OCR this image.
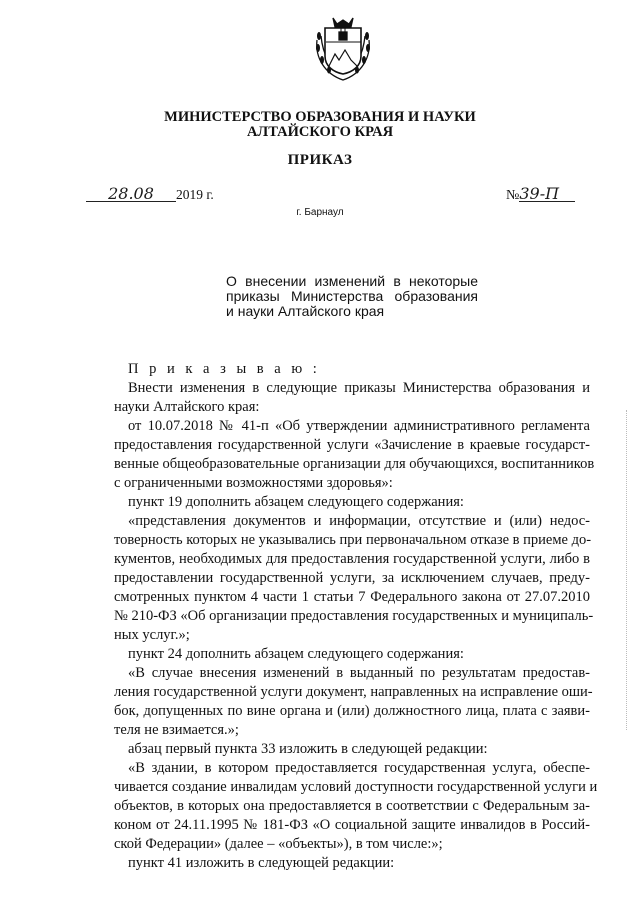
МИНИСТЕРСТВО ОБРАЗОВАНИЯ И НАУКИ
АЛТАЙСКОГО КРАЯ
ПРИКАЗ
28.08 2019 г.	№39-П
г. Барнаул
О внесении изменений в некоторые
приказы Министерства образования
и науки Алтайского края
П р и к а з ы в а ю :
Внести изменения в следующие приказы Министерства образования и
науки Алтайского края:
от 10.07.2018 № 41-п «Об утверждении административного регламента
предоставления государственной услуги «Зачисление в краевые государст-
венные общеобразовательные организации для обучающихся, воспитанников
с ограниченными возможностями здоровья»:
пункт 19 дополнить абзацем следующего содержания:
«представления документов и информации, отсутствие и (или) недос-
товерность которых не указывались при первоначальном отказе в приеме до-
кументов, необходимых для предоставления государственной услуги, либо в
предоставлении государственной услуги, за исключением случаев, преду-
смотренных пунктом 4 части 1 статьи 7 Федерального закона от 27.07.2010
№ 210-ФЗ «Об организации предоставления государственных и муниципаль-
ных услуг.»;
пункт 24 дополнить абзацем следующего содержания:
«В случае внесения изменений в выданный по результатам предостав-
ления государственной услуги документ, направленных на исправление оши-
бок, допущенных по вине органа и (или) должностного лица, плата с заяви-
теля не взимается.»;
абзац первый пункта 33 изложить в следующей редакции:
«В здании, в котором предоставляется государственная услуга, обеспе-
чивается создание инвалидам условий доступности государственной услуги и
объектов, в которых она предоставляется в соответствии с Федеральным за-
коном от 24.11.1995 № 181-ФЗ «О социальной защите инвалидов в Россий-
ской Федерации» (далее – «объекты»), в том числе:»;
пункт 41 изложить в следующей редакции:
